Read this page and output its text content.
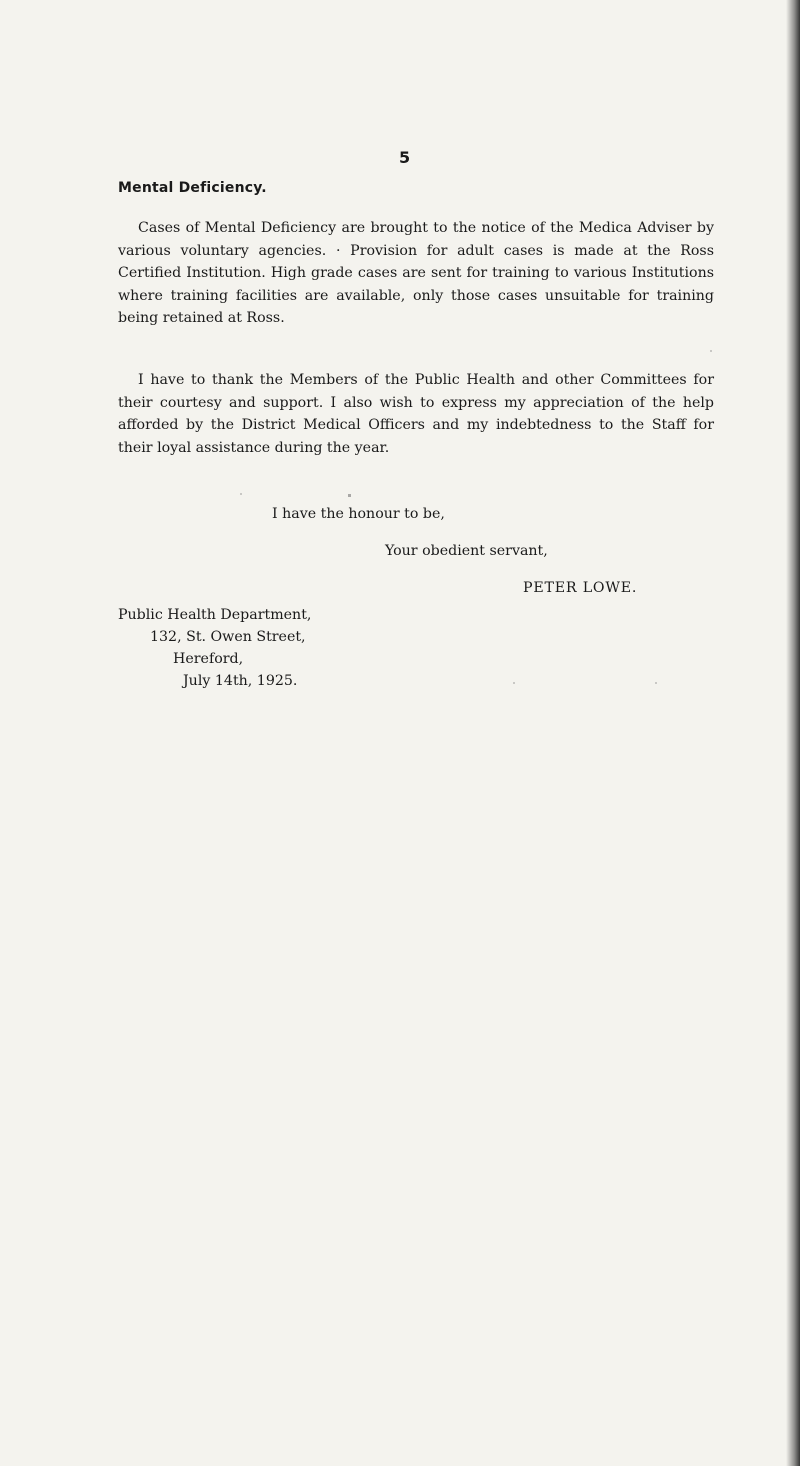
5
Mental Deficiency.
Cases of Mental Deficiency are brought to the notice of the Medica Adviser by various voluntary agencies. · Provision for adult cases is made at the Ross Certified Institution. High grade cases are sent for training to various Institutions where training facilities are available, only those cases unsuitable for training being retained at Ross.
I have to thank the Members of the Public Health and other Committees for their courtesy and support. I also wish to express my appreciation of the help afforded by the District Medical Officers and my indebtedness to the Staff for their loyal assistance during the year.
I have the honour to be,
Your obedient servant,
PETER LOWE.
Public Health Department,
132, St. Owen Street,
Hereford,
July 14th, 1925.
